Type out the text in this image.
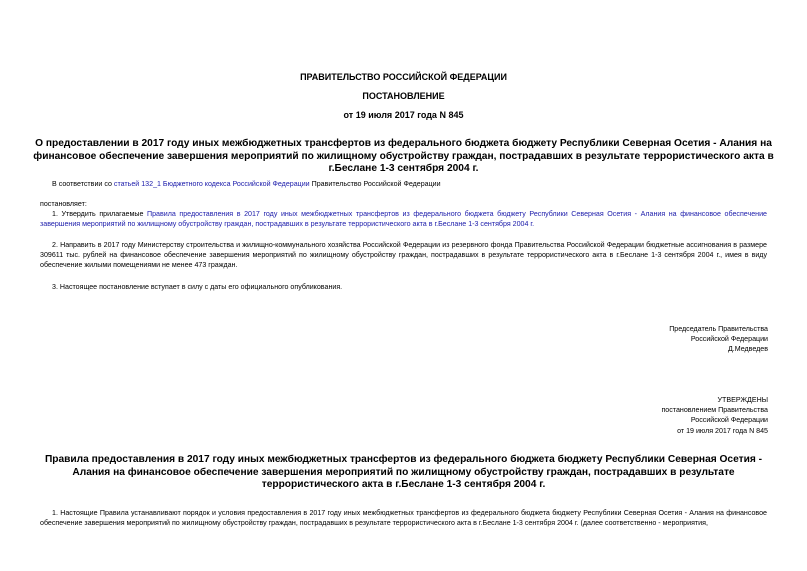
ПРАВИТЕЛЬСТВО РОССИЙСКОЙ ФЕДЕРАЦИИ
ПОСТАНОВЛЕНИЕ
от 19 июля 2017 года N 845
О предоставлении в 2017 году иных межбюджетных трансфертов из федерального бюджета бюджету Республики Северная Осетия - Алания на финансовое обеспечение завершения мероприятий по жилищному обустройству граждан, пострадавших в результате террористического акта в г.Беслане 1-3 сентября 2004 г.
В соответствии со статьей 132_1 Бюджетного кодекса Российской Федерации Правительство Российской Федерации
постановляет:
1. Утвердить прилагаемые Правила предоставления в 2017 году иных межбюджетных трансфертов из федерального бюджета бюджету Республики Северная Осетия - Алания на финансовое обеспечение завершения мероприятий по жилищному обустройству граждан, пострадавших в результате террористического акта в г.Беслане 1-3 сентября 2004 г.
2. Направить в 2017 году Министерству строительства и жилищно-коммунального хозяйства Российской Федерации из резервного фонда Правительства Российской Федерации бюджетные ассигнования в размере 309611 тыс. рублей на финансовое обеспечение завершения мероприятий по жилищному обустройству граждан, пострадавших в результате террористического акта в г.Беслане 1-3 сентября 2004 г., имея в виду обеспечение жилыми помещениями не менее 473 граждан.
3. Настоящее постановление вступает в силу с даты его официального опубликования.
Председатель Правительства
Российской Федерации
Д.Медведев
УТВЕРЖДЕНЫ
постановлением Правительства
Российской Федерации
от 19 июля 2017 года N 845
Правила предоставления в 2017 году иных межбюджетных трансфертов из федерального бюджета бюджету Республики Северная Осетия - Алания на финансовое обеспечение завершения мероприятий по жилищному обустройству граждан, пострадавших в результате террористического акта в г.Беслане 1-3 сентября 2004 г.
1. Настоящие Правила устанавливают порядок и условия предоставления в 2017 году иных межбюджетных трансфертов из федерального бюджета бюджету Республики Северная Осетия - Алания на финансовое обеспечение завершения мероприятий по жилищному обустройству граждан, пострадавших в результате террористического акта в г.Беслане 1-3 сентября 2004 г. (далее соответственно - мероприятия,
